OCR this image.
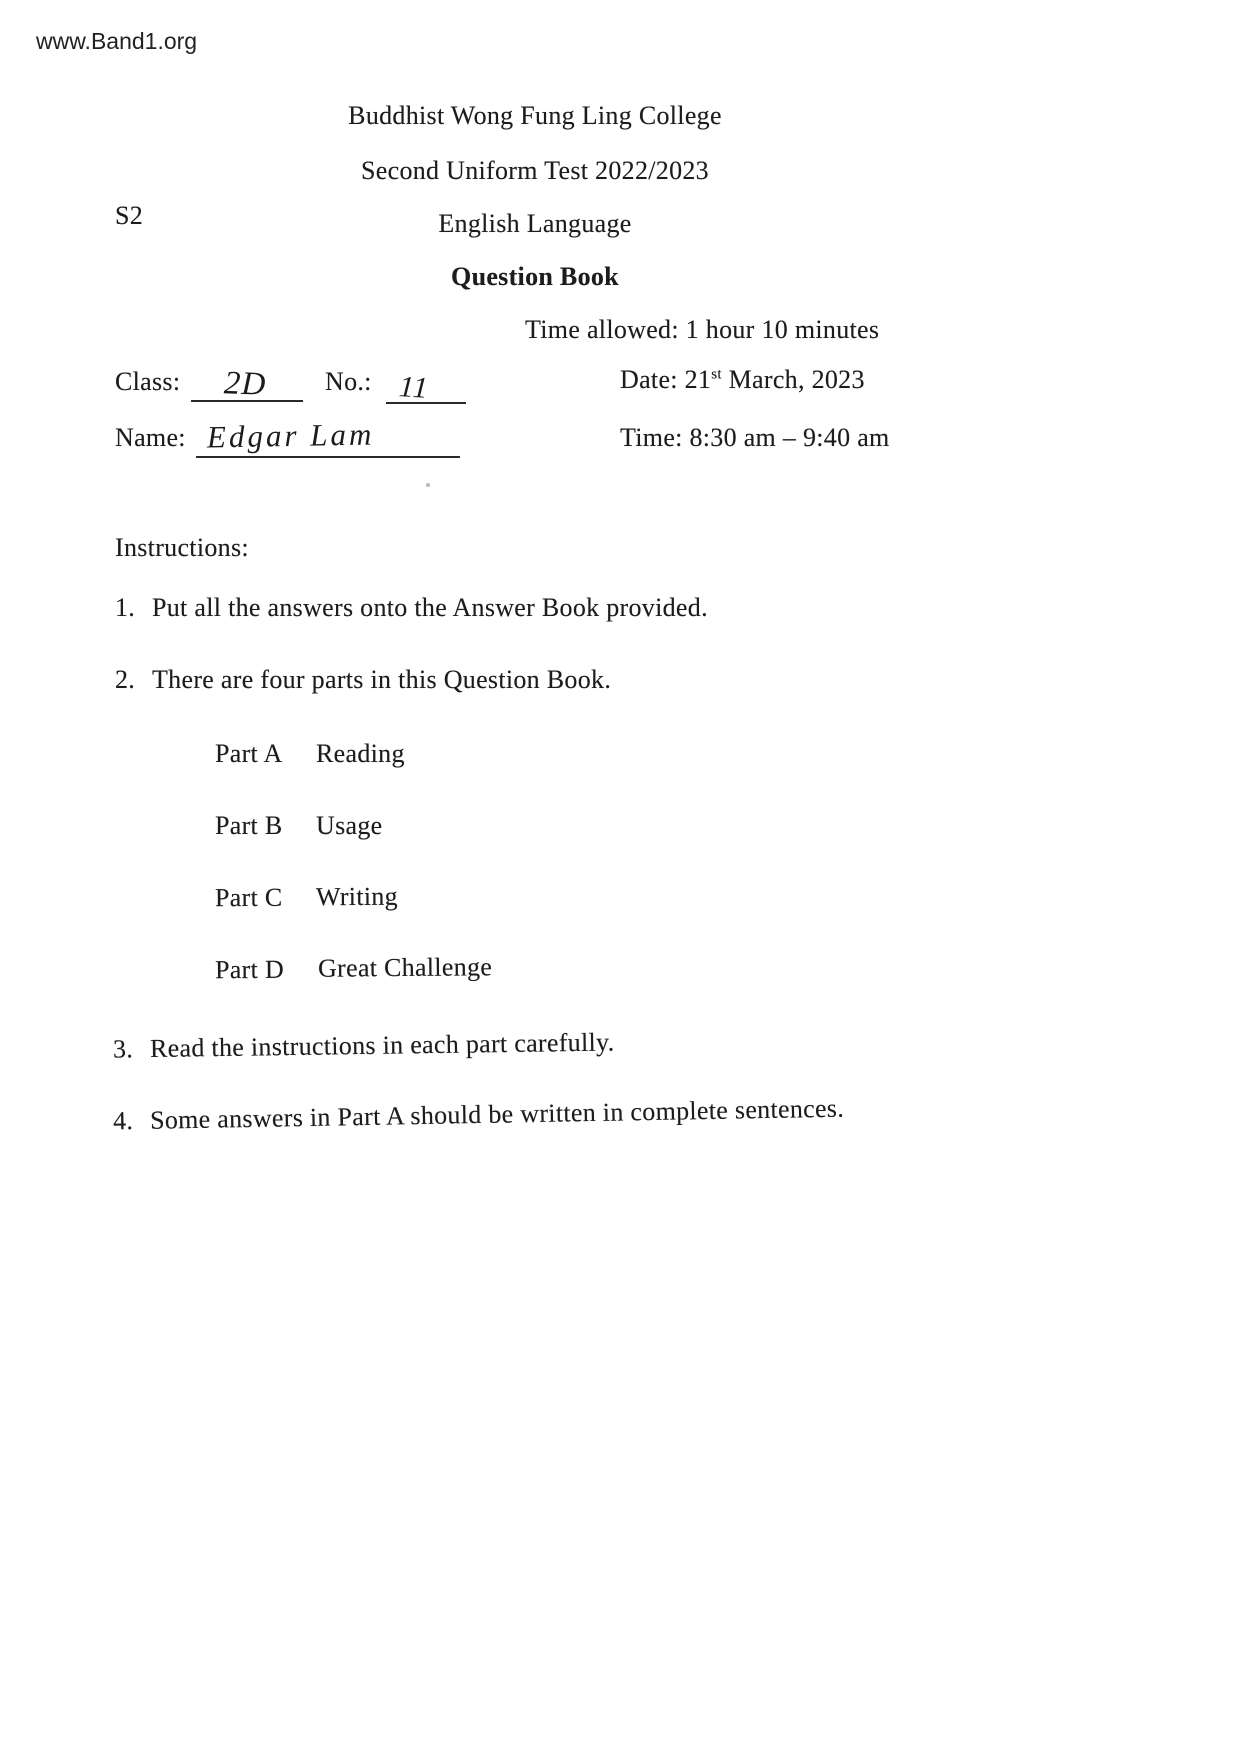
www.Band1.org
Buddhist Wong Fung Ling College
Second Uniform Test 2022/2023
S2	English Language
Question Book
Time allowed: 1 hour 10 minutes
Class: 2D No.: 11	Date: 21st March, 2023
Name: Edgar Lam	Time: 8:30 am – 9:40 am
Instructions:
1. Put all the answers onto the Answer Book provided.
2. There are four parts in this Question Book.
Part A Reading
Part B Usage
Part C Writing
Part D Great Challenge
3. Read the instructions in each part carefully.
4. Some answers in Part A should be written in complete sentences.
